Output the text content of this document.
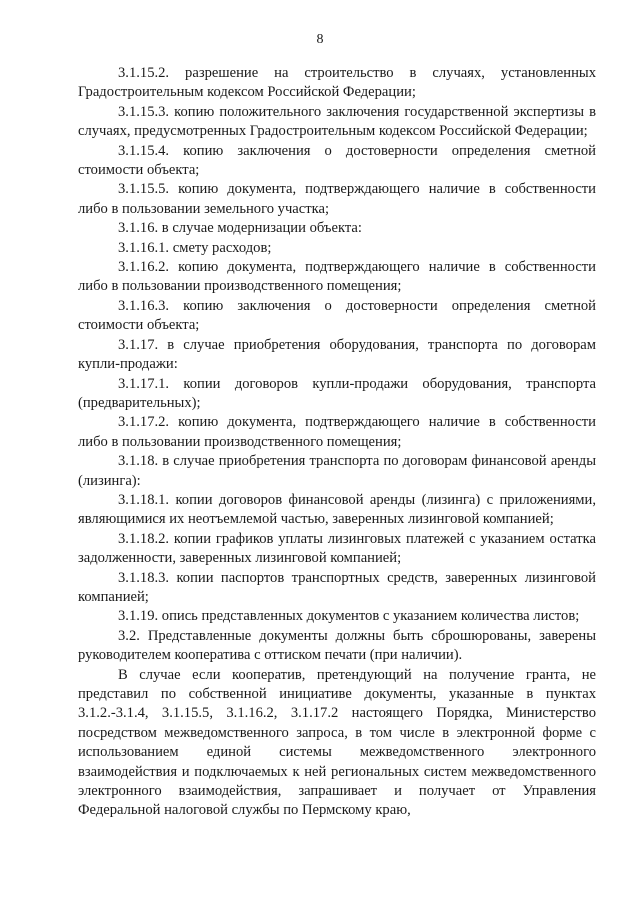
8

3.1.15.2. разрешение на строительство в случаях, установленных Градостроительным кодексом Российской Федерации;

3.1.15.3. копию положительного заключения государственной экспертизы в случаях, предусмотренных Градостроительным кодексом Российской Федерации;

3.1.15.4. копию заключения о достоверности определения сметной стоимости объекта;

3.1.15.5. копию документа, подтверждающего наличие в собственности либо в пользовании земельного участка;

3.1.16. в случае модернизации объекта:

3.1.16.1. смету расходов;

3.1.16.2. копию документа, подтверждающего наличие в собственности либо в пользовании производственного помещения;

3.1.16.3. копию заключения о достоверности определения сметной стоимости объекта;

3.1.17. в случае приобретения оборудования, транспорта по договорам купли-продажи:

3.1.17.1. копии договоров купли-продажи оборудования, транспорта (предварительных);

3.1.17.2. копию документа, подтверждающего наличие в собственности либо в пользовании производственного помещения;

3.1.18. в случае приобретения транспорта по договорам финансовой аренды (лизинга):

3.1.18.1. копии договоров финансовой аренды (лизинга) с приложениями, являющимися их неотъемлемой частью, заверенных лизинговой компанией;

3.1.18.2. копии графиков уплаты лизинговых платежей с указанием остатка задолженности, заверенных лизинговой компанией;

3.1.18.3. копии паспортов транспортных средств, заверенных лизинговой компанией;

3.1.19. опись представленных документов с указанием количества листов;

3.2. Представленные документы должны быть сброшюрованы, заверены руководителем кооператива с оттиском печати (при наличии).

В случае если кооператив, претендующий на получение гранта, не представил по собственной инициативе документы, указанные в пунктах 3.1.2.-3.1.4, 3.1.15.5, 3.1.16.2, 3.1.17.2 настоящего Порядка, Министерство посредством межведомственного запроса, в том числе в электронной форме с использованием единой системы межведомственного электронного взаимодействия и подключаемых к ней региональных систем межведомственного электронного взаимодействия, запрашивает и получает от Управления Федеральной налоговой службы по Пермскому краю,
